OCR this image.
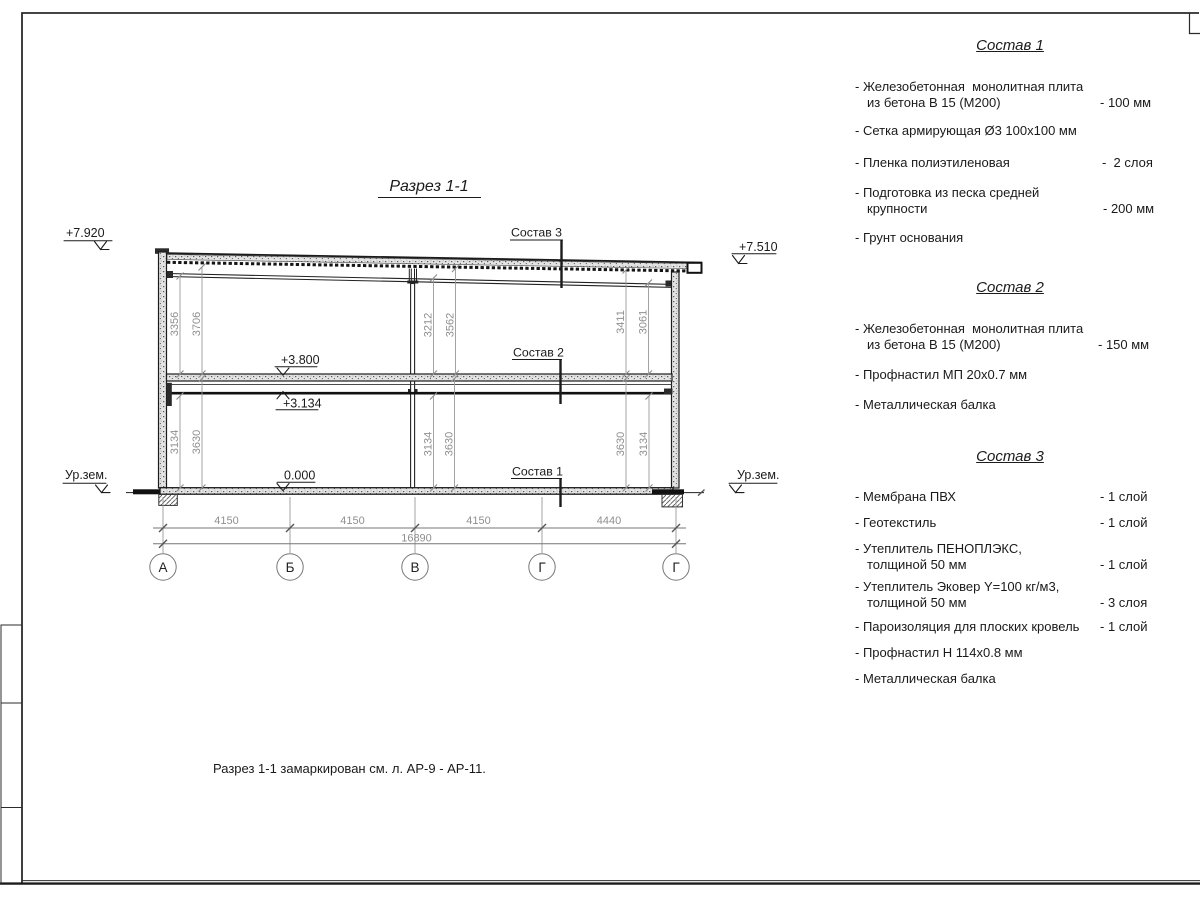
Разрез 1-1
3356 3706	3212 3562	3411 3061
3134 3630	3134 3630	3630 3134
Состав 3
Состав 2
Состав 1
+7.920
+7.510
+3.800
+3.134
0.000
Ур.зем.	Ур.зем.
4150	4150	4150	4440
16890
А	Б	В	Г	Г
Состав 1
- Железобетонная  монолитная плита
из бетона В 15 (М200)	- 100 мм
- Сетка армирующая Ø3 100х100 мм
- Пленка полиэтиленовая	-  2 слоя
- Подготовка из песка средней
крупности	- 200 мм
- Грунт основания
Состав 2
- Железобетонная  монолитная плита
из бетона В 15 (М200)	- 150 мм
- Профнастил МП 20х0.7 мм
- Металлическая балка
Состав 3
- Мембрана ПВХ	- 1 слой
- Геотекстиль	- 1 слой
- Утеплитель ПЕНОПЛЭКС,
толщиной 50 мм	- 1 слой
- Утеплитель Эковер Y=100 кг/м3,
толщиной 50 мм	- 3 слоя
- Пароизоляция для плоских кровель - 1 слой
- Профнастил Н 114х0.8 мм
- Металлическая балка
Разрез 1-1 замаркирован см. л. АР-9 - АР-11.
